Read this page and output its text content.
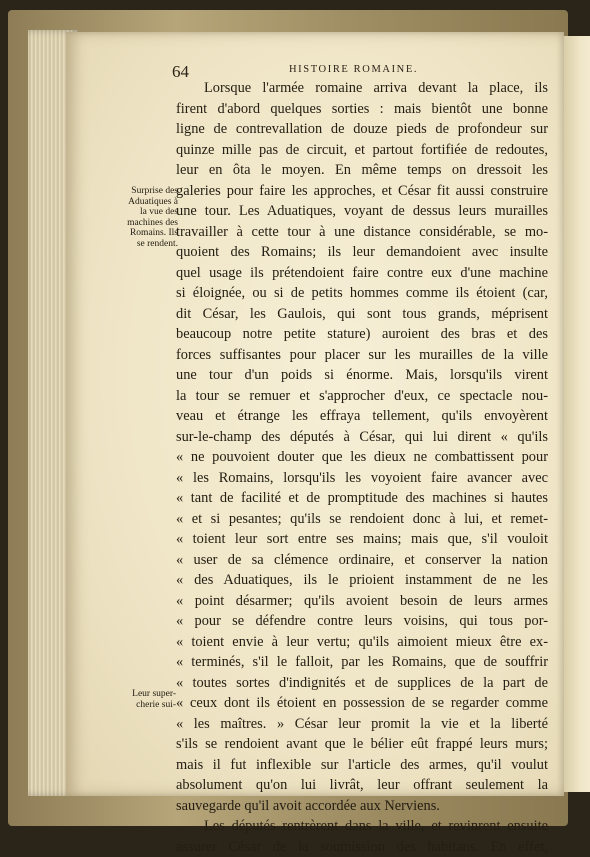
64	HISTOIRE ROMAINE.
Surprise des
Aduatiques à
la vue des
machines des
Romains. Ils
se rendent.
Leur super-
cherie sui-
Lorsque l'armée romaine arriva devant la place, ils
firent d'abord quelques sorties : mais bientôt une bonne
ligne de contrevallation de douze pieds de profondeur sur
quinze mille pas de circuit, et partout fortifiée de redoutes,
leur en ôta le moyen. En même temps on dressoit les
galeries pour faire les approches, et César fit aussi construire
une tour. Les Aduatiques, voyant de dessus leurs murailles
travailler à cette tour à une distance considérable, se mo-
quoient des Romains; ils leur demandoient avec insulte
quel usage ils prétendoient faire contre eux d'une machine
si éloignée, ou si de petits hommes comme ils étoient (car,
dit César, les Gaulois, qui sont tous grands, méprisent
beaucoup notre petite stature) auroient des bras et des
forces suffisantes pour placer sur les murailles de la ville
une tour d'un poids si énorme. Mais, lorsqu'ils virent
la tour se remuer et s'approcher d'eux, ce spectacle nou-
veau et étrange les effraya tellement, qu'ils envoyèrent
sur-le-champ des députés à César, qui lui dirent « qu'ils
« ne pouvoient douter que les dieux ne combattissent pour
« les Romains, lorsqu'ils les voyoient faire avancer avec
« tant de facilité et de promptitude des machines si hautes
« et si pesantes; qu'ils se rendoient donc à lui, et remet-
« toient leur sort entre ses mains; mais que, s'il vouloit
« user de sa clémence ordinaire, et conserver la nation
« des Aduatiques, ils le prioient instamment de ne les
« point désarmer; qu'ils avoient besoin de leurs armes
« pour se défendre contre leurs voisins, qui tous por-
« toient envie à leur vertu; qu'ils aimoient mieux être ex-
« terminés, s'il le falloit, par les Romains, que de souffrir
« toutes sortes d'indignités et de supplices de la part de
« ceux dont ils étoient en possession de se regarder comme
« les maîtres. » César leur promit la vie et la liberté
s'ils se rendoient avant que le bélier eût frappé leurs murs;
mais il fut inflexible sur l'article des armes, qu'il voulut
absolument qu'on lui livrât, leur offrant seulement la
sauvegarde qu'il avoit accordée aux Nerviens.
Les députés rentrèrent dans la ville, et revinrent ensuite
assurer César de la soumission des habitans. En effet,
